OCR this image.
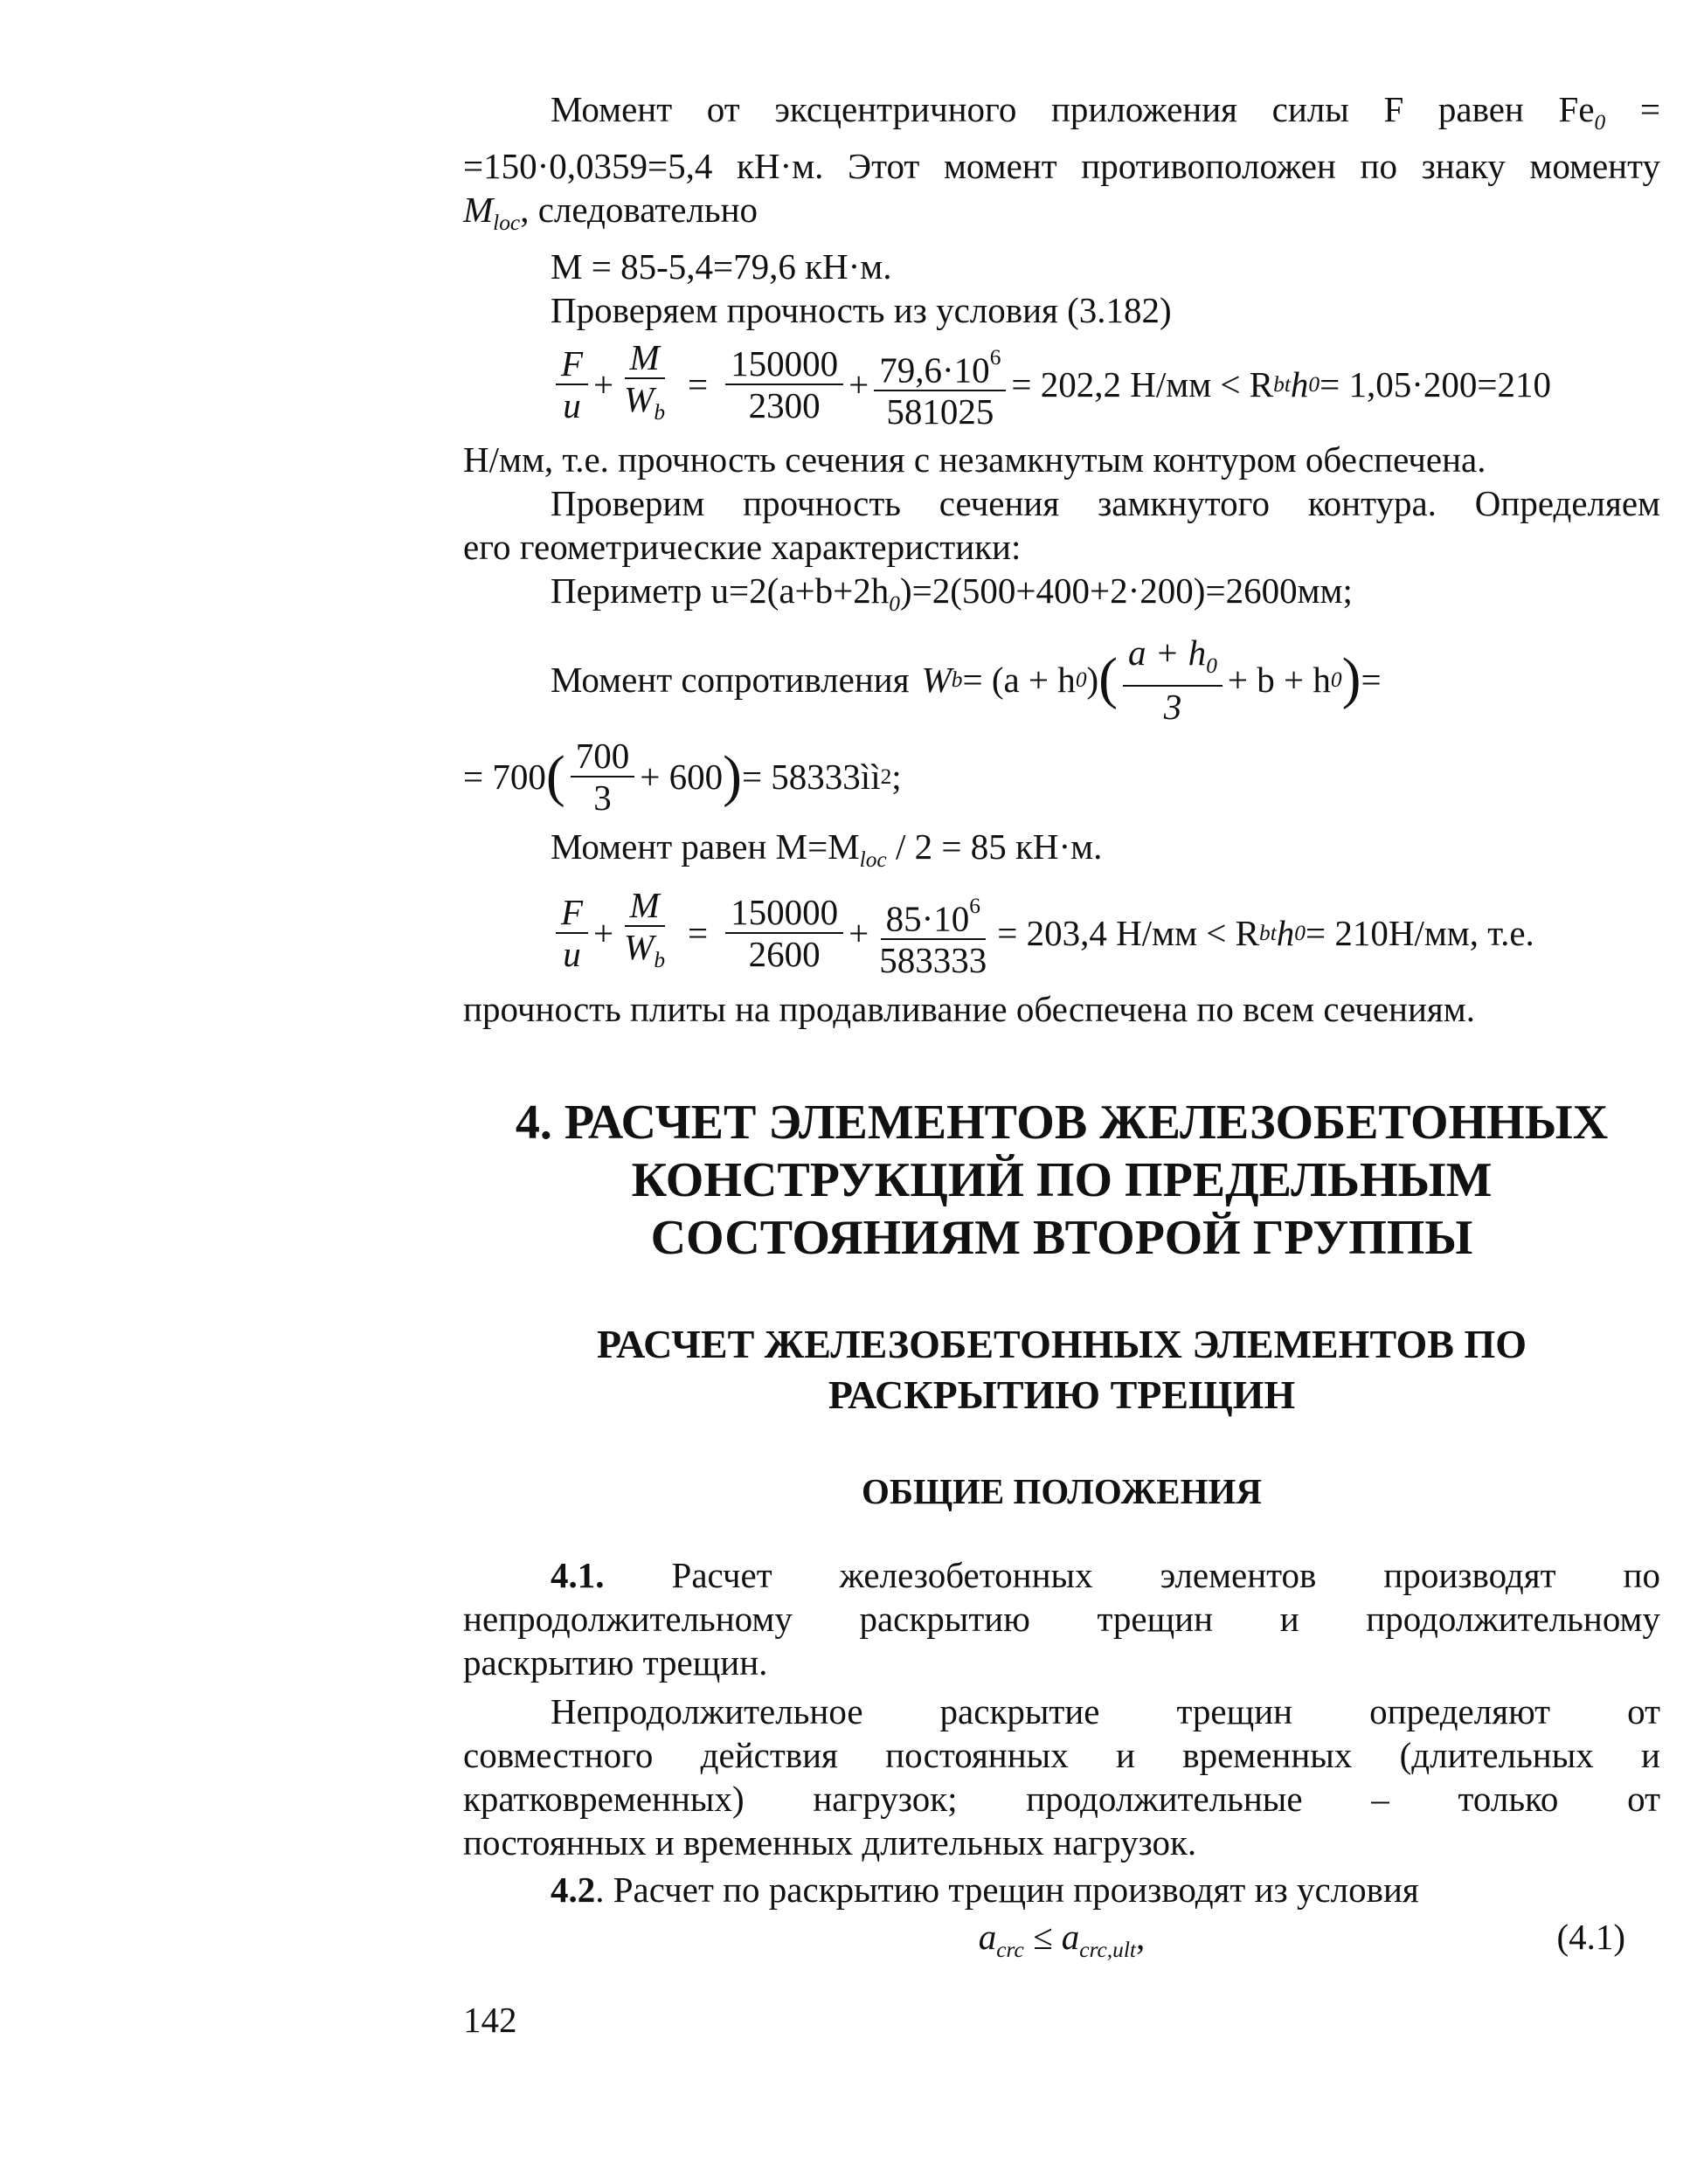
Момент от эксцентричного приложения силы F равен $Fe_0$ =

=150·0,0359=5,4 кН·м. Этот момент противоположен по знаку моменту

$M_{loc}$, следовательно

M = 85-5,4=79,6 кН·м.

Проверяем прочность из условия (3.182)

$\frac{F}{u} + \frac{M}{W_b} = \frac{150000}{2300} + \frac{79,6\cdot 10^6}{581025} = 202,2$ Н/мм < R bt h 0 = 1,05·200=210

Н/мм, т.е. прочность сечения с незамкнутым контуром обеспечена.

Проверим прочность сечения замкнутого контура. Определяем

его геометрические характеристики:

Периметр $u=2(a+b+2h_0)=2(500+400+2\cdot 200)=2600мм$;

Момент сопротивления W b = (a + h 0 ) ( $\frac{a + h_0}{3} + b + h$ 0 ) =
= 700 ( $\frac{700}{3} + 600$ ) = 58333ìì 2 ;

Момент равен $M=M_{loc} / 2 = 85$ кН·м.

$\frac{F}{u} + \frac{M}{W_b} = \frac{150000}{2600} + \frac{85\cdot 10^6}{583333} = 203,4$ Н/мм < R bt h 0 = 210Н/мм, т.е.

прочность плиты на продавливание обеспечена по всем сечениям.

4. РАСЧЕТ ЭЛЕМЕНТОВ ЖЕЛЕЗОБЕТОННЫХ
КОНСТРУКЦИЙ ПО ПРЕДЕЛЬНЫМ
СОСТОЯНИЯМ ВТОРОЙ ГРУППЫ
РАСЧЕТ ЖЕЛЕЗОБЕТОННЫХ ЭЛЕМЕНТОВ ПО
РАСКРЫТИЮ ТРЕЩИН
ОБЩИЕ ПОЛОЖЕНИЯ

4.1. Расчет железобетонных элементов производят по

непродолжительному раскрытию трещин и продолжительному

раскрытию трещин.

Непродолжительное раскрытие трещин определяют от

совместного действия постоянных и временных (длительных и

кратковременных) нагрузок; продолжительные – только от

постоянных и временных длительных нагрузок.

4.2. Расчет по раскрытию трещин производят из условия

$a_{crc} \le a_{crc,ult}$,	(4.1)
142
